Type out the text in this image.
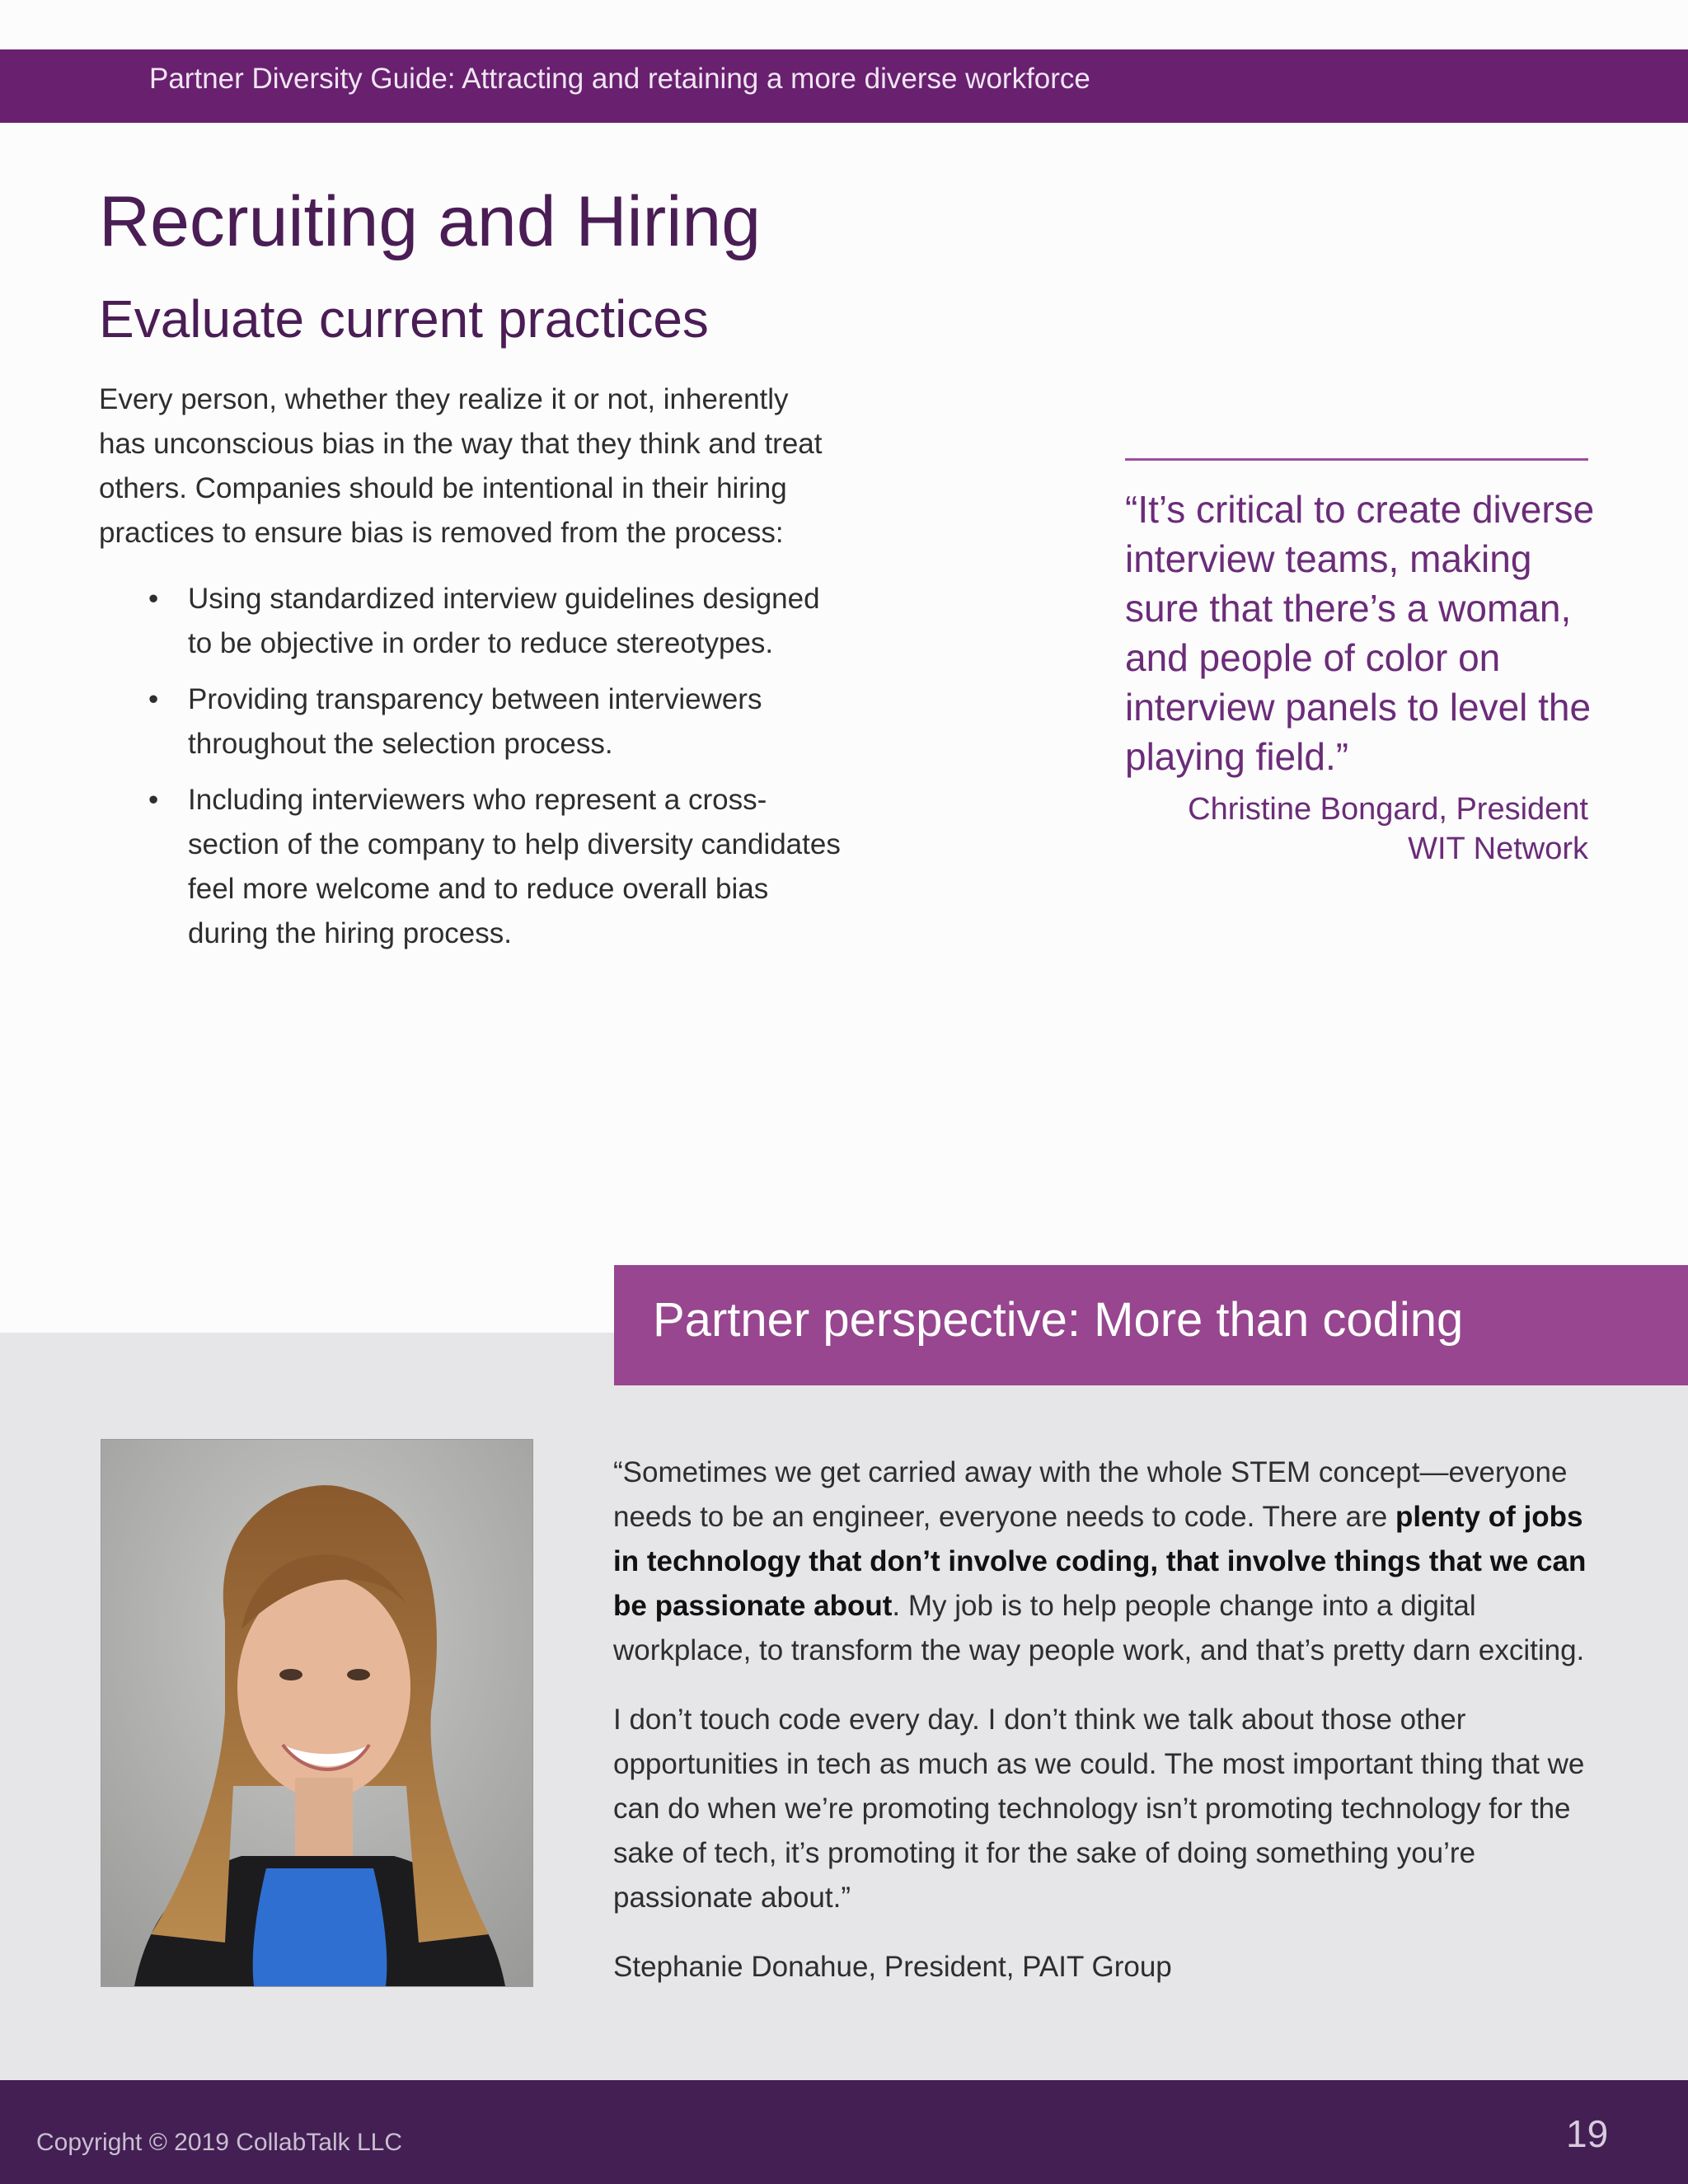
Partner Diversity Guide: Attracting and retaining a more diverse workforce
Recruiting and Hiring
Evaluate current practices

Every person, whether they realize it or not, inherently has unconscious bias in the way that they think and treat others. Companies should be intentional in their hiring practices to ensure bias is removed from the process:

• Using standardized interview guidelines designed to be objective in order to reduce stereotypes.
• Providing transparency between interviewers throughout the selection process.
• Including interviewers who represent a cross-section of the company to help diversity candidates feel more welcome and to reduce overall bias during the hiring process.

“It’s critical to create diverse interview teams, making sure that there’s a woman, and people of color on interview panels to level the playing field.”

Christine Bongard, President
WIT Network
Partner perspective: More than coding

“Sometimes we get carried away with the whole STEM concept—everyone needs to be an engineer, everyone needs to code. There are plenty of jobs in technology that don’t involve coding, that involve things that we can be passionate about. My job is to help people change into a digital workplace, to transform the way people work, and that’s pretty darn exciting.

I don’t touch code every day. I don’t think we talk about those other opportunities in tech as much as we could. The most important thing that we can do when we’re promoting technology isn’t promoting technology for the sake of tech, it’s promoting it for the sake of doing something you’re passionate about.”

Stephanie Donahue, President, PAIT Group

Copyright © 2019 CollabTalk LLC	19
